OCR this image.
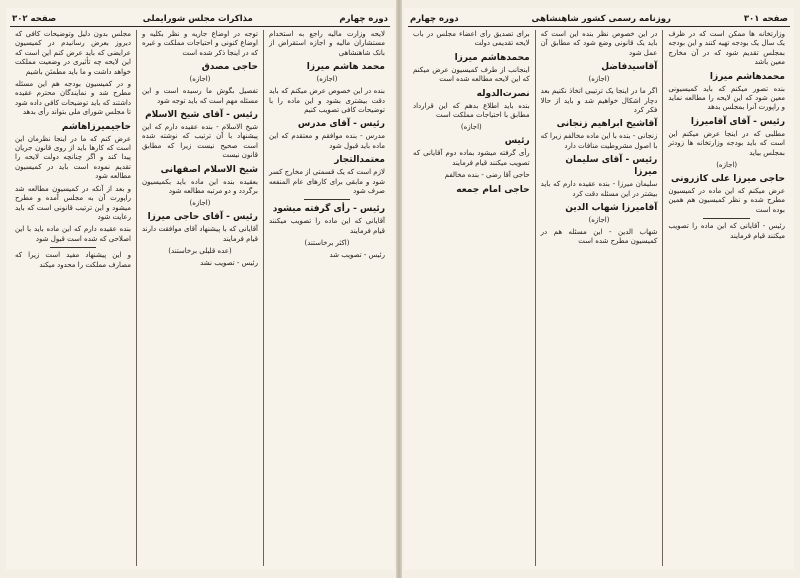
دوره چهارم
مذاکرات مجلس شورایملی
صفحه ۳۰۲

لایحه وزارت مالیه راجع به استخدام مستشاران مالیه و اجازه استقراض از بانک شاهنشاهی

محمد هاشم میرزا
(اجازه)

بنده در این خصوص عرض میکنم که باید دقت بیشتری بشود و این ماده را با توضیحات کافی تصویب کنیم

رئیس - آقای مدرس

مدرس - بنده موافقم و معتقدم که این ماده باید قبول شود

معتمدالتجار

لازم است که یک قسمتی از مخارج کسر شود و مابقی برای کارهای عام المنفعه صرف شود

رئیس - رأی گرفته میشود

آقایانی که این ماده را تصویب میکنند قیام فرمایند

(اکثر برخاستند)

رئیس - تصویب شد

توجه در اوضاع جاریه و نظر بکلیه و اوضاع کنونی و احتیاجات مملکت و غیره که در اینجا ذکر شده است

حاجی مصدق
(اجازه)

تفصیل بگوش ما رسیده است و این مسئله مهم است که باید توجه شود

رئیس - آقای شیخ الاسلام

شیخ الاسلام - بنده عقیده دارم که این پیشنهاد با آن ترتیب که نوشته شده است صحیح نیست زیرا که مطابق قانون نیست

شیخ الاسلام اصفهانی

بعقیده بنده این ماده باید بکمیسیون برگردد و دو مرتبه مطالعه شود

(اجازه)
رئیس - آقای حاجی میرزا

آقایانی که با پیشنهاد آقای موافقت دارند قیام فرمایند

(عده قلیلی برخاستند)

رئیس - تصویب نشد

مجلس بدون دلیل وتوضیحات کافی که دیروز بعرض رسانیدم در کمیسیون عرایضی که باید عرض کنم این است که این لایحه چه تأثیری در وضعیت مملکت خواهد داشت و ما باید مطمئن باشیم

و در کمیسیون بودجه هم این مسئله مطرح شد و نمایندگان محترم عقیده داشتند که باید توضیحات کافی داده شود تا مجلس شورای ملی بتواند رأی بدهد

حاجیمیرزاهاشم

عرض کنم که ما در اینجا نظرمان این است که کارها باید از روی قانون جریان پیدا کند و اگر چنانچه دولت لایحه را تقدیم نموده است باید در کمیسیون مطالعه شود

و بعد از آنکه در کمیسیون مطالعه شد راپورت آن به مجلس آمده و مطرح میشود و این ترتیب قانونی است که باید رعایت شود

بنده عقیده دارم که این ماده باید با این اصلاحی که شده است قبول شود

و این پیشنهاد مفید است زیرا که مصارف مملکت را محدود میکند

صفحه ۳۰۱
روزنامه رسمی کشور شاهنشاهی
دوره چهارم

وزارتخانه ها ممکن است که در ظرف یک سال یک بودجه تهیه کنند و این بودجه بمجلس تقدیم شود که در آن مخارج معین باشد

محمدهاشم میرزا

بنده تصور میکنم که باید کمیسیونی معین شود که این لایحه را مطالعه نماید و راپورت آنرا بمجلس بدهد

رئیس - آقای آقامیرزا

مطلبی که در اینجا عرض میکنم این است که باید بودجه وزارتخانه ها زودتر بمجلس بیاید

(اجازه)
حاجی میرزا علی کازرونی

عرض میکنم که این ماده در کمیسیون مطرح شده و نظر کمیسیون هم همین بوده است

رئیس - آقایانی که این ماده را تصویب میکنند قیام فرمایند

در این خصوص نظر بنده این است که باید یک قانونی وضع شود که مطابق آن عمل شود

آقاسیدفاضل
(اجازه)

اگر ما در اینجا یک ترتیبی اتخاذ نکنیم بعد دچار اشکال خواهیم شد و باید از حالا فکر کرد

آقاشیخ ابراهیم زنجانی

زنجانی - بنده با این ماده مخالفم زیرا که با اصول مشروطیت منافات دارد

رئیس - آقای سلیمان میرزا

سلیمان میرزا - بنده عقیده دارم که باید بیشتر در این مسئله دقت کرد

آقامیرزا شهاب الدین
(اجازه)

شهاب الدین - این مسئله هم در کمیسیون مطرح شده است

برای تصدیق رأی اعضاء مجلس در باب لایحه تقدیمی دولت

محمدهاشم میرزا

اینجانب از طرف کمیسیون عرض میکنم که این لایحه مطالعه شده است

نصرت‌الدوله

بنده باید اطلاع بدهم که این قرارداد مطابق با احتیاجات مملکت است

(اجازه)
رئیس

رأی گرفته میشود بماده دوم آقایانی که تصویب میکنند قیام فرمایند

حاجی آقا رضی - بنده مخالفم

حاجی امام جمعه
